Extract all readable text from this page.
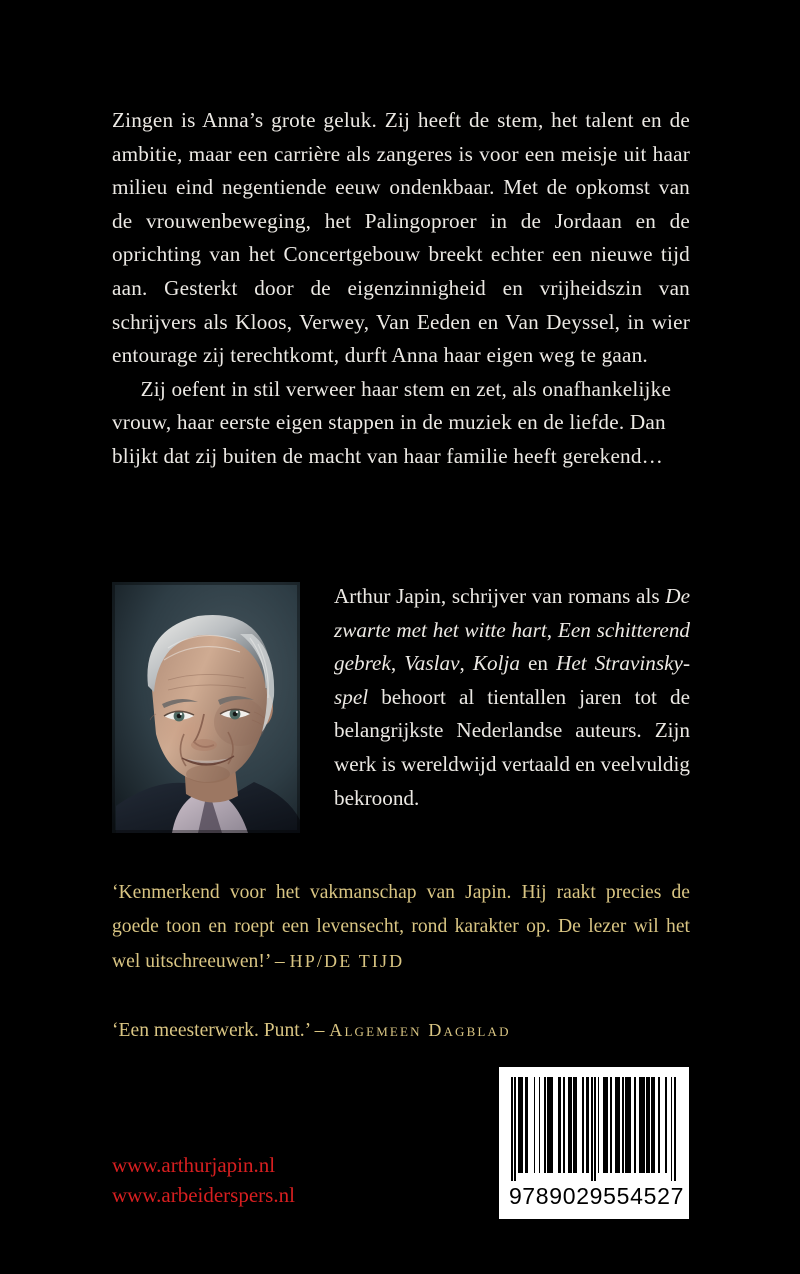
Zingen is Anna’s grote geluk. Zij heeft de stem, het talent en de ambitie, maar een carrière als zangeres is voor een meisje uit haar milieu eind negentiende eeuw ondenkbaar. Met de opkomst van de vrouwenbeweging, het Palingoproer in de Jordaan en de oprichting van het Concertgebouw breekt echter een nieuwe tijd aan. Gesterkt door de eigenzinnigheid en vrijheidszin van schrijvers als Kloos, Verwey, Van Eeden en Van Deyssel, in wier entourage zij terechtkomt, durft Anna haar eigen weg te gaan.

Zij oefent in stil verweer haar stem en zet, als onafhankelijke vrouw, haar eerste eigen stappen in de muziek en de liefde. Dan blijkt dat zij buiten de macht van haar familie heeft gerekend…

Arthur Japin, schrijver van romans als De zwarte met het witte hart, Een schitterend gebrek, Vaslav, Kolja en Het Stravinsky-spel behoort al tientallen jaren tot de belangrijkste Nederlandse auteurs. Zijn werk is wereldwijd vertaald en veelvuldig bekroond.

‘Kenmerkend voor het vakmanschap van Japin. Hij raakt precies de goede toon en roept een levensecht, rond karakter op. De lezer wil het wel uitschreeuwen!’ – HP/DE TIJD
‘Een meesterwerk. Punt.’ – Algemeen Dagblad
www.arthurjapin.nl
www.arbeiderspers.nl	9 789029 554527
